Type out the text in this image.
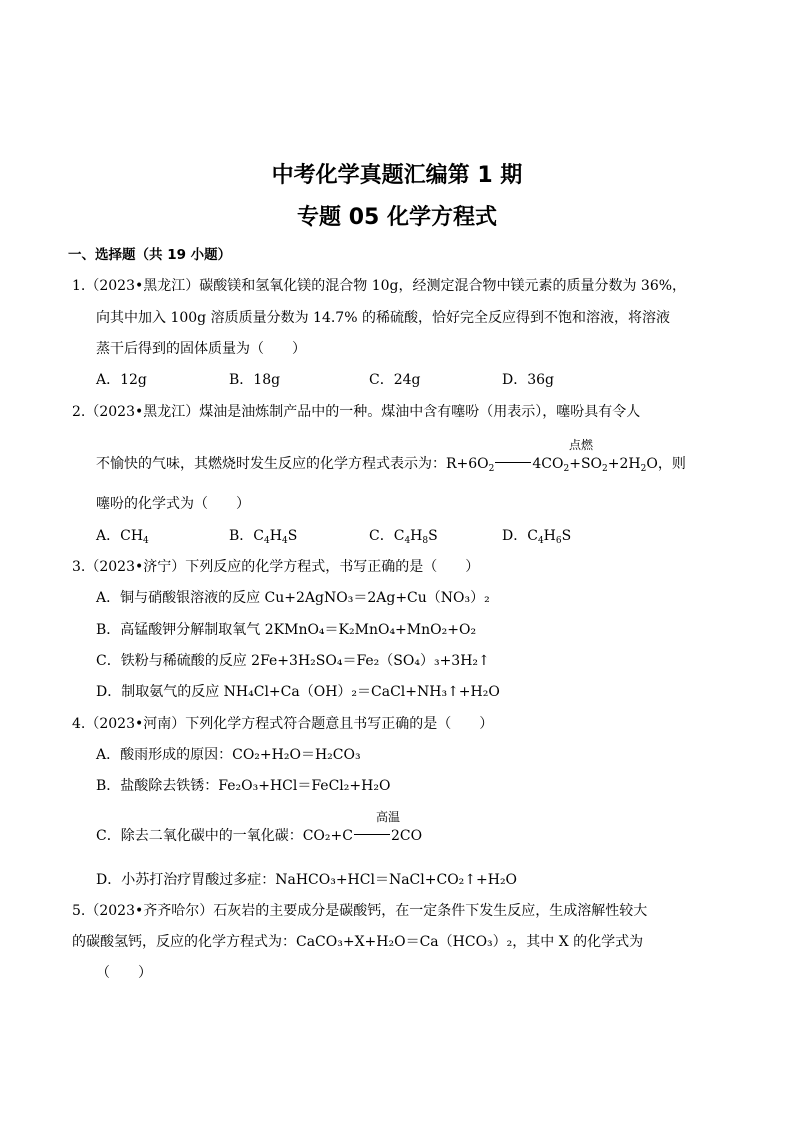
中考化学真题汇编第 1 期
专题 05 化学方程式
一、选择题（共 19 小题）
1.（2023•黑龙江）碳酸镁和氢氧化镁的混合物 10g，经测定混合物中镁元素的质量分数为 36%，
向其中加入 100g 溶质质量分数为 14.7% 的稀硫酸，恰好完全反应得到不饱和溶液，将溶液
蒸干后得到的固体质量为（　　）
A．12g	B．18g	C．24g	D．36g
2.（2023•黑龙江）煤油是油炼制产品中的一种。煤油中含有噻吩（用表示），噻吩具有令人
点燃
不愉快的气味，其燃烧时发生反应的化学方程式表示为：$R+6O_2$	$4CO_2+SO_2+2H_2O$，则
噻吩的化学式为（　　）
A．$CH_4$	B．$C_4H_4S$	C．$C_4H_8S$	D．$C_4H_6S$
3.（2023•济宁）下列反应的化学方程式，书写正确的是（　　）
A．铜与硝酸银溶液的反应 Cu+2AgNO₃＝2Ag+Cu（NO₃）₂
B．高锰酸钾分解制取氧气 2KMnO₄＝K₂MnO₄+MnO₂+O₂
C．铁粉与稀硫酸的反应 2Fe+3H₂SO₄＝Fe₂（SO₄）₃+3H₂↑
D．制取氨气的反应 NH₄Cl+Ca（OH）₂＝CaCl+NH₃↑+H₂O
4.（2023•河南）下列化学方程式符合题意且书写正确的是（　　）
A．酸雨形成的原因：CO₂+H₂O＝H₂CO₃
B．盐酸除去铁锈：Fe₂O₃+HCl＝FeCl₂+H₂O
高温
C．除去二氧化碳中的一氧化碳：CO₂+C	2CO
D．小苏打治疗胃酸过多症：NaHCO₃+HCl＝NaCl+CO₂↑+H₂O
5.（2023•齐齐哈尔）石灰岩的主要成分是碳酸钙，在一定条件下发生反应，生成溶解性较大
的碳酸氢钙，反应的化学方程式为：CaCO₃+X+H₂O＝Ca（HCO₃）₂，其中 X 的化学式为
（　　）
